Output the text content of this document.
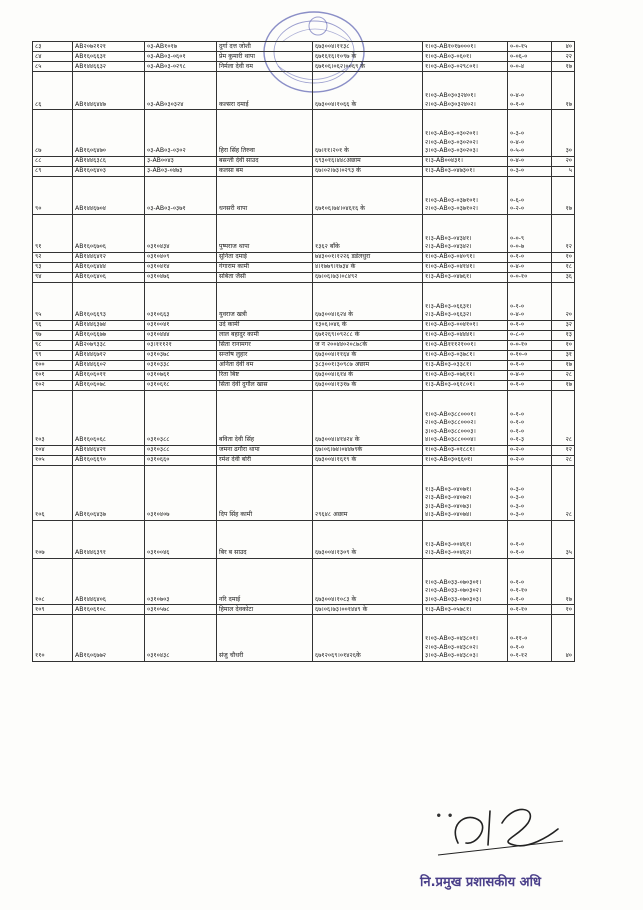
८३	AB२०७२१२१	०३-AB१०१७	दुर्गा दत्त जोशी	६७३००४।११३८	१।०३-AB१०१७०००१।	०-०-१५	४०
८४	AB१६०६६३१	०३-AB०३-०६०१	प्रेम कुमारी थापा	६७१६१६।१०९७ के	१।०३-AB०३-०६०१।	०-०६-०	२२
८५	AB१४४६६३२	०३-AB०३-०२९८	निर्मला देवी वम	६७१०६।०६२।००६९ के	१।०३-AB०३-०२९८०१।	०-०-४	१७
८६	AB१४४६४४७	०३-AB०३०३२४	कल्सरा दमाई	६७३००४।१०६६ के	१।०३-AB०३०३२४०१।
२।०३-AB०३०३२४०२।	०-४-०
०-१-०	१७
८७	AB१६०६४७०	०३-AB०३-०३०२	हिरा सिंह तिरुवा	६७।११।२०१ के	१।०३-AB०३-०३०२०१।
२।०३-AB०३-०३०२०२।
३।०३-AB०३-०३०२०३।	०-३-०
०-४-०
०-५-०	३०
८८	AB१४४६३८६	३-AB००४३	बसन्ती देवी साउद	६९३०१६।४४८अछाम	१।३-AB००४३१।	०-४-०	२०
८९	AB१६०६४०३	३-AB०३-०४७३	कलसा बम	६७।०२।७३।०२९३ के	१।३-AB०३-०४७३०१।	०-३-०	५
९०	AB१४४६७०४	०३-AB०३-०३७१	धनसरी थापा	६७१०६।७४।०४६१६ के	१।०३-AB०३-०३७१०१।
२।०३-AB०३-०३७१०२।	०-६-०
०-२-०	१७
९१	AB१६०६७०६	०३१०४३४	पुष्पराज थापा	१३६२ बाँके	१।३-AB०३-०४३४१।
२।३-AB०३-०४३४२।	०-०-९
०-०-७	१२
९२	AB१४४६४१२	०३१०४०९	सुनिता दमाई	७४३००१।१२२६ डडेलधुरा	१।०३-AB०३-०४०९१।	०-१-०	१०
९३	AB१६०६४४४	०३१०४१४	गंगाराम कामी	४।१७७९।१७३४ के	१।०३-AB०३-०४१४१।	०-४-०	१८
९४	AB१६०६४०६	०३१०४७६	सबिता जैसी	६७।०६।७३।०८४९२	१।३-AB०३-०४७६१।	०-०-१०	३६
९५	AB१६०६६९३	०३१०६६३	युवराज खत्री	६७३००४।६२४ के	१।३-AB०३-०६६३१।
२।३-AB०३-०६६३२।	०-१-०
०-४-०	२०
९६	AB१४४६३७४	०३१००४१	उदे कामी	१३०६।०४६ के	१।०३-AB०३-००४१०१।	०-१-०	३२
९७	AB१६०६६७७	०३१०४४४	लाल बहादुर कामी	६७१२६९।०९२८८ के	१।०३-AB०३-०४४४१।	०-८-०	१३
९८	AB२०७९३३८	०३।१११२१	सिता रानामगर	ज न २००४४०२०८७८के	१।०३-AB१११२१००१।	०-०-१०	१०
९९	AB१४४६७१२	०३१०३७८	सन्तोष लुहार	६७३००४।११६४ के	१।०३-AB०३-०३७८१।	०-१०-०	३१
१००	AB१४४६६०२	०३१०३३८	अनिता देवी वम	३८३००१।३०९८७ अछाम	१।३-AB०३-०३३८१।	०-१-०	१७
१०१	AB१६०६०११	०३१०७६१	रिता बिष्ट	६७३००४।६१४ के	१।०३-AB०३-०७६११।	०-४-०	२८
१०२	AB१६०६०७८	०३१०६१८	सिता देवी दुगौल खास	६७३००४।१३१७ के	१।३-AB०३-०६१८०१।	०-१-०	१७
१०३	AB१६०६०६८	०३१०३८८	बविता देवी सिंह	६७३००४।४१४२४ के	१।०३-AB०३८८०००१।
२।०३-AB०३८८०००२।
३।०३-AB०३८८०००३।
४।०३-AB०३८८०००४।	०-१-०
०-१-०
०-१-०
०-१-३	२८
१०४	AB१४४६४२१	०३१०३८८	जमना ढगौरा थापा	६७।०६।७४।०४४७९के	१।०३-AB०३-०१८८१।	०-२-०	१२
१०५	AB१६०६६९०	०३१०६६०	रमेश देवी बोरी	६७३००४।१६१९ के	१।०३-AB०३०६६०१।	०-२-०	२८
१०६	AB१६०६४३७	०३१०४०७	दिप सिंह कामी	२९६४८ अछाम	१।३-AB०३-०४०७१।
२।३-AB०३-०४०७२।
३।३-AB०३-०४०७३।
४।३-AB०३-०४०७४।	०-३-०
०-३-०
०-३-०
०-३-०	२८
१०७	AB१४४६३९१	०३१००४६	बिर ब साउद	६७३००४।१३०९ के	१।३-AB०३-००४६१।
२।३-AB०३-००४६२।	०-१-०
०-१-०	३५
१०८	AB१४४६४०६	०३१०७०३	नरि दमाई	६७३००४।१०८३ के	१।०३-AB०३३-०७०३०१।
२।०३-AB०३३-०७०३०२।
३।०३-AB०३३-०७०३०३।	०-१-०
०-१-१०
०-१-०	१७
१०९	AB१६०६१०८	०३१०५७८	हिमाल देवकोटा	६७।०६।७३।००१४४९ के	१।३-AB०३-०५७८१।	०-१-१०	१०
११०	AB१६०६७७२	०३१०४३८	संजु चौधरी	६७१२०६९।०१४२६के	१।०३-AB०३-०४३८०१।
२।०३-AB०३-०४३८०२।
३।०३-AB०३-०४३८०३।	०-११-०
०-१-०
०-१-१२	४०
∙ ∙
नि.प्रमुख प्रशासकीय अधि
